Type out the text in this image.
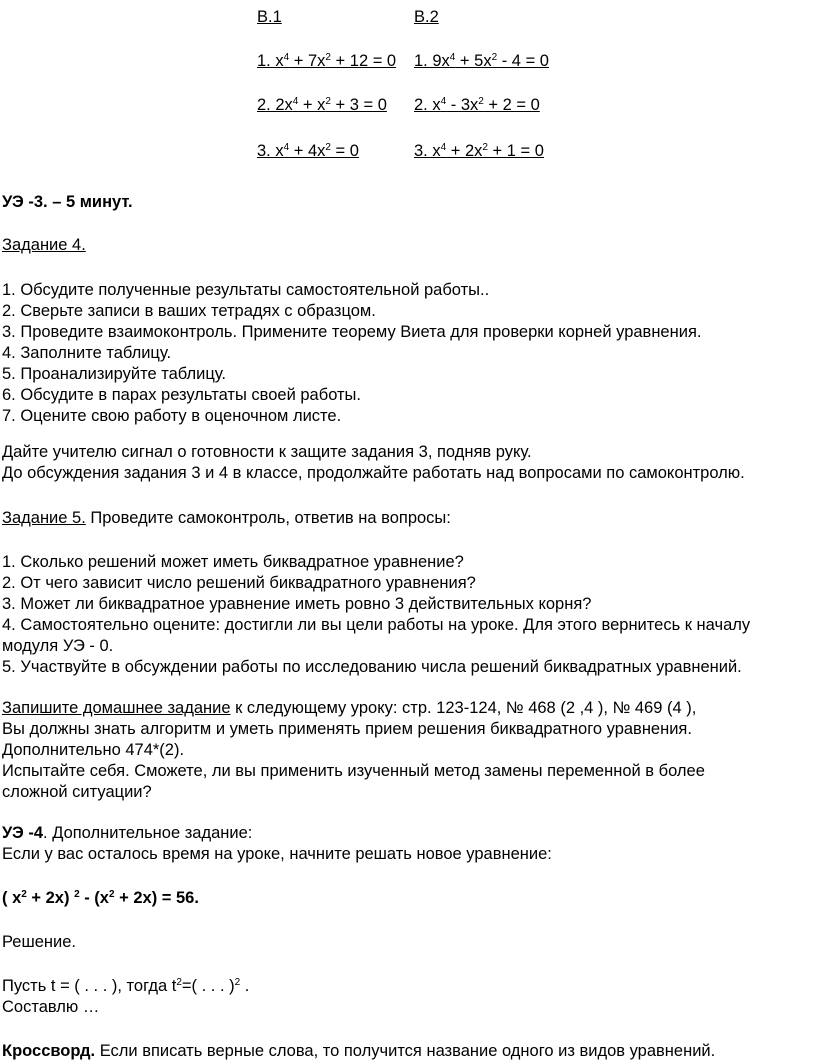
В.1	В.2
1. $x^4 + 7x^2 + 12 = 0$
2. $2x^4 + x^2 + 3 = 0$
3. $x^4 + 4x^2 = 0$
1. $9x^4 + 5x^2 - 4 = 0$
2. $x^4 - 3x^2 + 2 = 0$
3. $x^4 + 2x^2 + 1 = 0$
УЭ -3. – 5 минут.
Задание 4.
1. Обсудите полученные результаты самостоятельной работы..
2. Сверьте записи в ваших тетрадях с образцом.
3. Проведите взаимоконтроль. Примените теорему Виета для проверки корней уравнения.
4. Заполните таблицу.
5. Проанализируйте таблицу.
6. Обсудите в парах результаты своей работы.
7. Оцените свою работу в оценочном листе.
Дайте учителю сигнал о готовности к защите задания 3, подняв руку.
До обсуждения задания 3 и 4 в классе, продолжайте работать над вопросами по самоконтролю.
Задание 5. Проведите самоконтроль, ответив на вопросы:
1. Сколько решений может иметь биквадратное уравнение?
2. От чего зависит число решений биквадратного уравнения?
3. Может ли биквадратное уравнение иметь ровно 3 действительных корня?
4. Самостоятельно оцените: достигли ли вы цели работы на уроке. Для этого вернитесь к началу
модуля УЭ - 0.
5. Участвуйте в обсуждении работы по исследованию числа решений биквадратных уравнений.
Запишите домашнее задание к следующему уроку: стр. 123-124, № 468 (2 ,4 ), № 469 (4 ),
Вы должны знать алгоритм и уметь применять прием решения биквадратного уравнения.
Дополнительно 474*(2).
Испытайте себя. Сможете, ли вы применить изученный метод замены переменной в более
сложной ситуации?
УЭ -4. Дополнительное задание:
Если у вас осталось время на уроке, начните решать новое уравнение:
( $x^2 + 2x$) $^2 - (x^2 + 2x) = 56$.
Решение.
Пусть t = ( . . . ), тогда $t^2=$( . . . )$^2$ .
Составлю …
Кроссворд. Если вписать верные слова, то получится название одного из видов уравнений.
